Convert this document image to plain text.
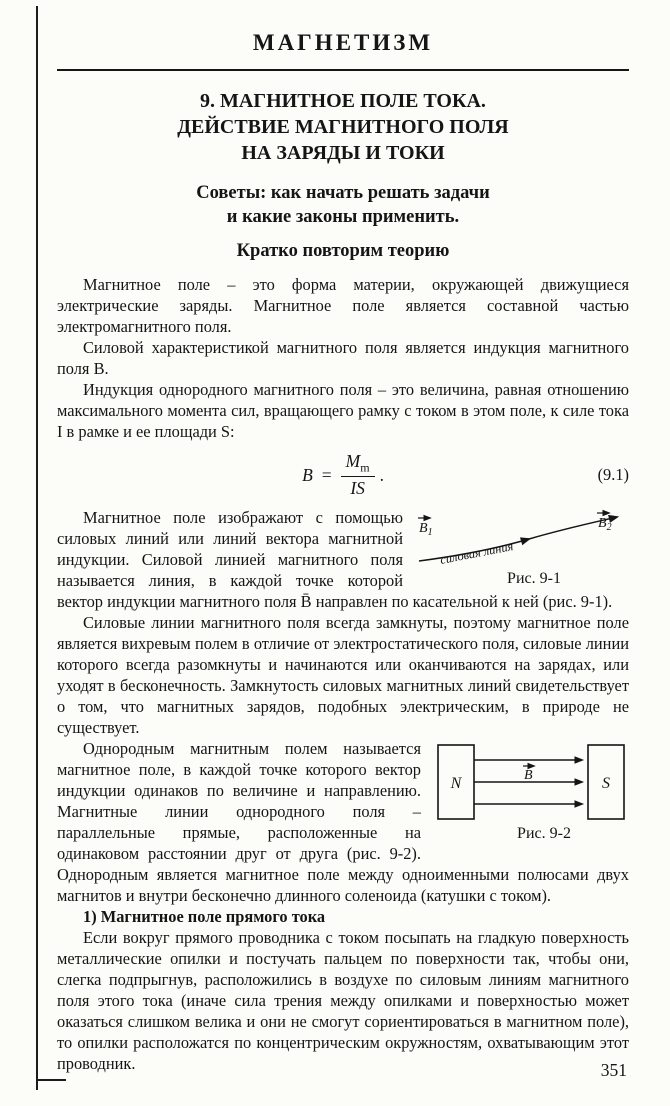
МАГНЕТИЗМ
9. МАГНИТНОЕ ПОЛЕ ТОКА.
ДЕЙСТВИЕ МАГНИТНОГО ПОЛЯ
НА ЗАРЯДЫ И ТОКИ
Советы: как начать решать задачи
и какие законы применить.
Кратко повторим теорию

Магнитное поле – это форма материи, окружающей движущиеся электрические заряды. Магнитное поле является составной частью электромагнитного поля.

Силовой характеристикой магнитного поля является индукция магнитного поля B.

Индукция однородного магнитного поля – это величина, равная отношению максимального момента сил, вращающего рамку с током в этом поле, к силе тока I в рамке и ее площади S:

$B = \frac{M_m}{IS}$ .	(9.1)

$B_1$
$B_2$
силовая линия
Рис. 9-1
Магнитное поле изображают с помощью силовых линий или линий вектора магнитной индукции. Силовой линией магнитного поля называется линия, в каждой точке которой вектор индукции магнитного поля B̄ направлен по касательной к ней (рис. 9-1).

Силовые линии магнитного поля всегда замкнуты, поэтому магнитное поле является вихревым полем в отличие от электростатического поля, силовые линии которого всегда разомкнуты и начинаются или оканчиваются на зарядах, или уходят в бесконечность. Замкнутость силовых магнитных линий свидетельствует о том, что магнитных зарядов, подобных электрическим, в природе не существует.

N	S
B
Рис. 9-2
Однородным магнитным полем называется магнитное поле, в каждой точке которого вектор индукции одинаков по величине и направлению. Магнитные линии однородного поля – параллельные прямые, расположенные на одинаковом расстоянии друг от друга (рис. 9-2). Однородным является магнитное поле между одноименными полюсами двух магнитов и внутри бесконечно длинного соленоида (катушки с током).

1) Магнитное поле прямого тока

Если вокруг прямого проводника с током посыпать на гладкую поверхность металлические опилки и постучать пальцем по поверхности так, чтобы они, слегка подпрыгнув, расположились в воздухе по силовым линиям магнитного поля этого тока (иначе сила трения между опилками и поверхностью может оказаться слишком велика и они не смогут сориентироваться в магнитном поле), то опилки расположатся по концентрическим окружностям, охватывающим этот проводник.	351
